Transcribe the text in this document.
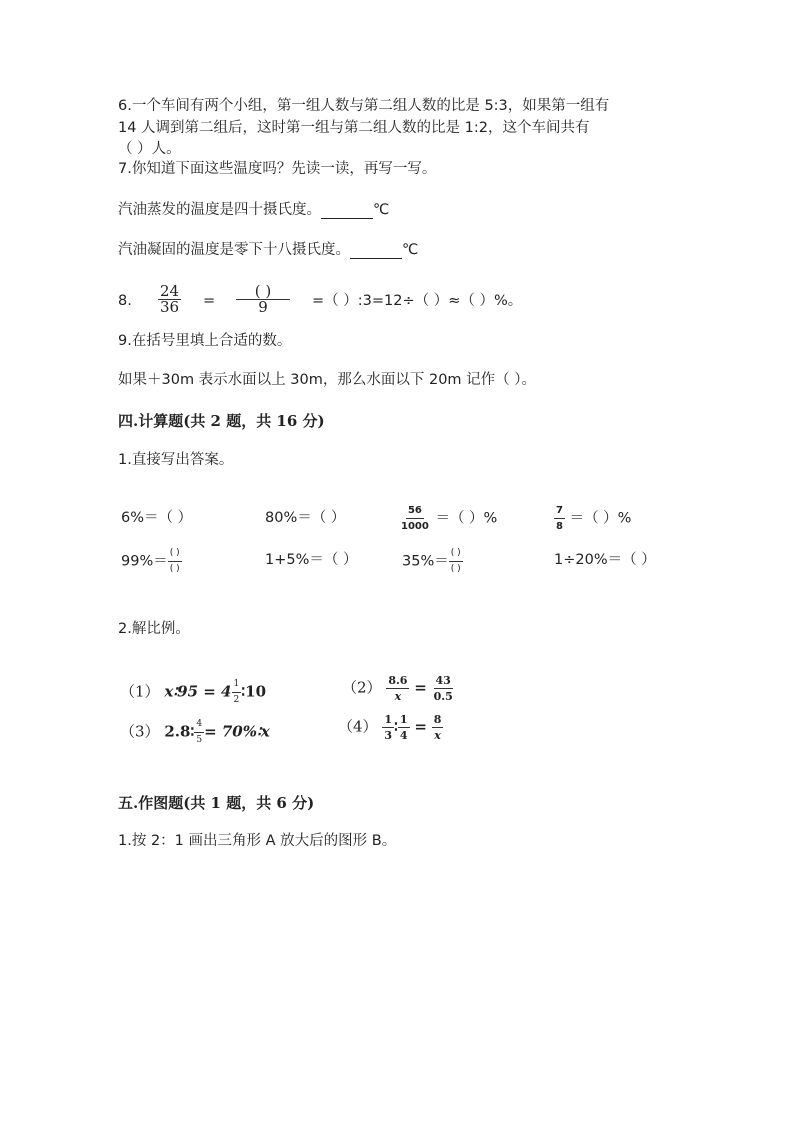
6.一个车间有两个小组，第一组人数与第二组人数的比是 5:3，如果第一组有
14 人调到第二组后，这时第一组与第二组人数的比是 1:2，这个车间共有
（ ）人。
7.你知道下面这些温度吗？先读一读，再写一写。
汽油蒸发的温度是四十摄氏度。	℃
汽油凝固的温度是零下十八摄氏度。	℃
8. $\frac{24}{36} = \frac{( )}{9}$ =（ ）:3=12÷（ ）≈（ ）%。
9.在括号里填上合适的数。
如果＋30m 表示水面以上 30m，那么水面以下 20m 记作（ ）。
四.计算题(共 2 题，共 16 分)
1.直接写出答案。
6%＝（ ）	80%＝（ ）	$\frac{56}{1000}$ ＝（ ）%	$\frac{7}{8}$ ＝（ ）%
$99\%= \frac{( )}{( )}$	1+5%＝（ ）	$35\%= \frac{( )}{( )}$	1÷20%＝（ ）
2.解比例。
（1） x∶95 = $4 \frac{1}{2}$ ∶10	$(2) \frac{8.6}{x} = \frac{43}{0.5}$
（3） 2.8∶ $\frac{4}{5}$ = 70%∶x	$(4) \frac{1}{3}$ ∶ $\frac{1}{4} = \frac{8}{x}$
五.作图题(共 1 题，共 6 分)
1.按 2：1 画出三角形 A 放大后的图形 B。
